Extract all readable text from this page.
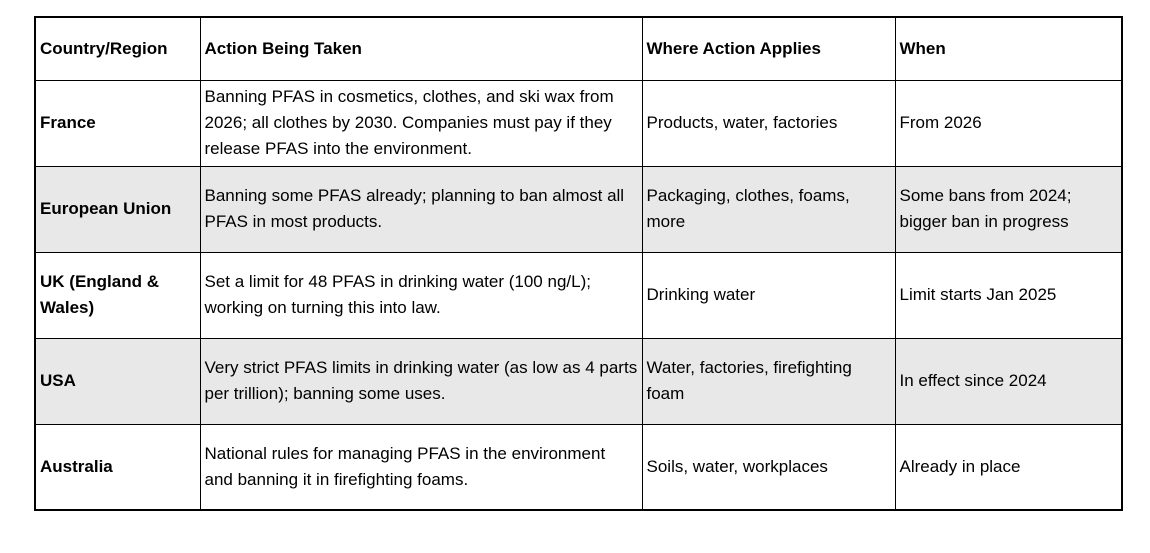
Country/Region	Action Being Taken	Where Action Applies	When
France	Banning PFAS in cosmetics, clothes, and ski wax from 2026; all clothes by 2030. Companies must pay if they release PFAS into the environment.	Products, water, factories	From 2026
European Union	Banning some PFAS already; planning to ban almost all PFAS in most products.	Packaging, clothes, foams, more	Some bans from 2024; bigger ban in progress
UK (England & Wales)	Set a limit for 48 PFAS in drinking water (100 ng/L); working on turning this into law.	Drinking water	Limit starts Jan 2025
USA	Very strict PFAS limits in drinking water (as low as 4 parts per trillion); banning some uses.	Water, factories, firefighting foam	In effect since 2024
Australia	National rules for managing PFAS in the environment and banning it in firefighting foams.	Soils, water, workplaces	Already in place
